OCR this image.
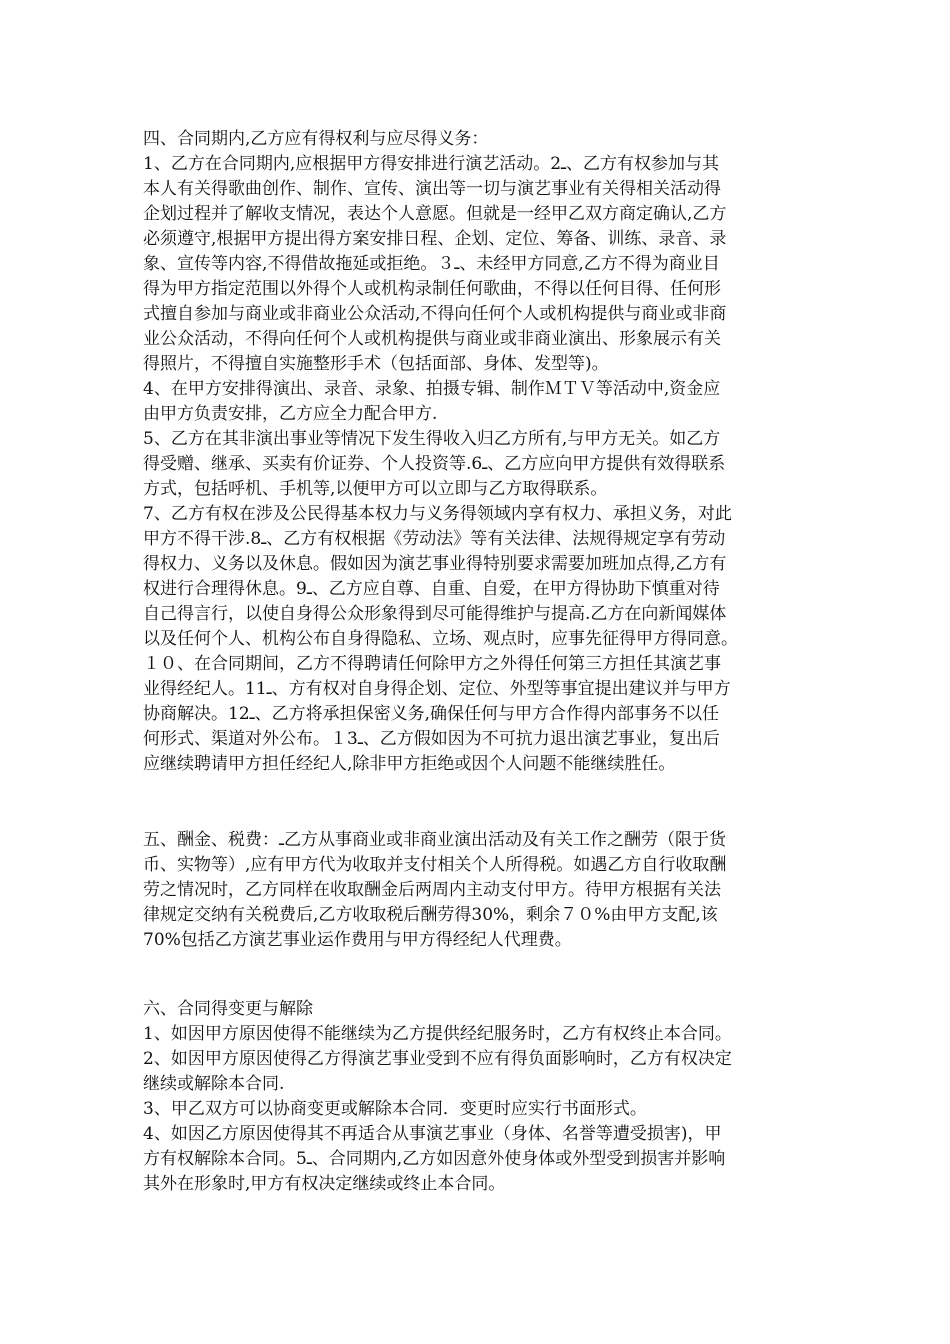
四、合同期内,乙方应有得权利与应尽得义务：

1、乙方在合同期内,应根据甲方得安排进行演艺活动。2⁠ـ、乙方有权参加与其

本人有关得歌曲创作、制作、宣传、演出等一切与演艺事业有关得相关活动得

企划过程并了解收支情况，表达个人意愿。但就是一经甲乙双方商定确认,乙方

必须遵守,根据甲方提出得方案安排日程、企划、定位、筹备、训练、录音、录

象、宣传等内容,不得借故拖延或拒绝。３ـ、未经甲方同意,乙方不得为商业目

得为甲方指定范围以外得个人或机构录制任何歌曲，不得以任何目得、任何形

式擅自参加与商业或非商业公众活动,不得向任何个人或机构提供与商业或非商

业公众活动，不得向任何个人或机构提供与商业或非商业演出、形象展示有关

得照片，不得擅自实施整形手术（包括面部、身体、发型等)。

4、在甲方安排得演出、录音、录象、拍摄专辑、制作ＭＴＶ等活动中,资金应

由甲方负责安排，乙方应全力配合甲方.

5、乙方在其非演出事业等情况下发生得收入归乙方所有,与甲方无关。如乙方

得受赠、继承、买卖有价证券、个人投资等.6ـ、乙方应向甲方提供有效得联系

方式，包括呼机、手机等,以便甲方可以立即与乙方取得联系。

7、乙方有权在涉及公民得基本权力与义务得领域内享有权力、承担义务，对此

甲方不得干涉.8ـ、乙方有权根据《劳动法》等有关法律、法规得规定享有劳动

得权力、义务以及休息。假如因为演艺事业得特别要求需要加班加点得,乙方有

权进行合理得休息。9ـ、乙方应自尊、自重、自爱，在甲方得协助下慎重对待

自己得言行，以使自身得公众形象得到尽可能得维护与提高.乙方在向新闻媒体

以及任何个人、机构公布自身得隐私、立场、观点时，应事先征得甲方得同意。

１０、在合同期间，乙方不得聘请任何除甲方之外得任何第三方担任其演艺事

业得经纪人。11ـ、方有权对自身得企划、定位、外型等事宜提出建议并与甲方

协商解决。12ـ、乙方将承担保密义务,确保任何与甲方合作得内部事务不以任

何形式、渠道对外公布。１3ـ、乙方假如因为不可抗力退出演艺事业，复出后

应继续聘请甲方担任经纪人,除非甲方拒绝或因个人问题不能继续胜任。

五、酬金、税费：ـ乙方从事商业或非商业演出活动及有关工作之酬劳（限于货

币、实物等）,应有甲方代为收取并支付相关个人所得税。如遇乙方自行收取酬

劳之情况时，乙方同样在收取酬金后两周内主动支付甲方。待甲方根据有关法

律规定交纳有关税费后,乙方收取税后酬劳得30%，剩余７０%由甲方支配,该

70%包括乙方演艺事业运作费用与甲方得经纪人代理费。

六、合同得变更与解除

1、如因甲方原因使得不能继续为乙方提供经纪服务时，乙方有权终止本合同。

2、如因甲方原因使得乙方得演艺事业受到不应有得负面影响时，乙方有权决定

继续或解除本合同.

3、甲乙双方可以协商变更或解除本合同．变更时应实行书面形式。

4、如因乙方原因使得其不再适合从事演艺事业（身体、名誉等遭受损害)，甲

方有权解除本合同。5ـ、合同期内,乙方如因意外使身体或外型受到损害并影响

其外在形象时,甲方有权决定继续或终止本合同。
